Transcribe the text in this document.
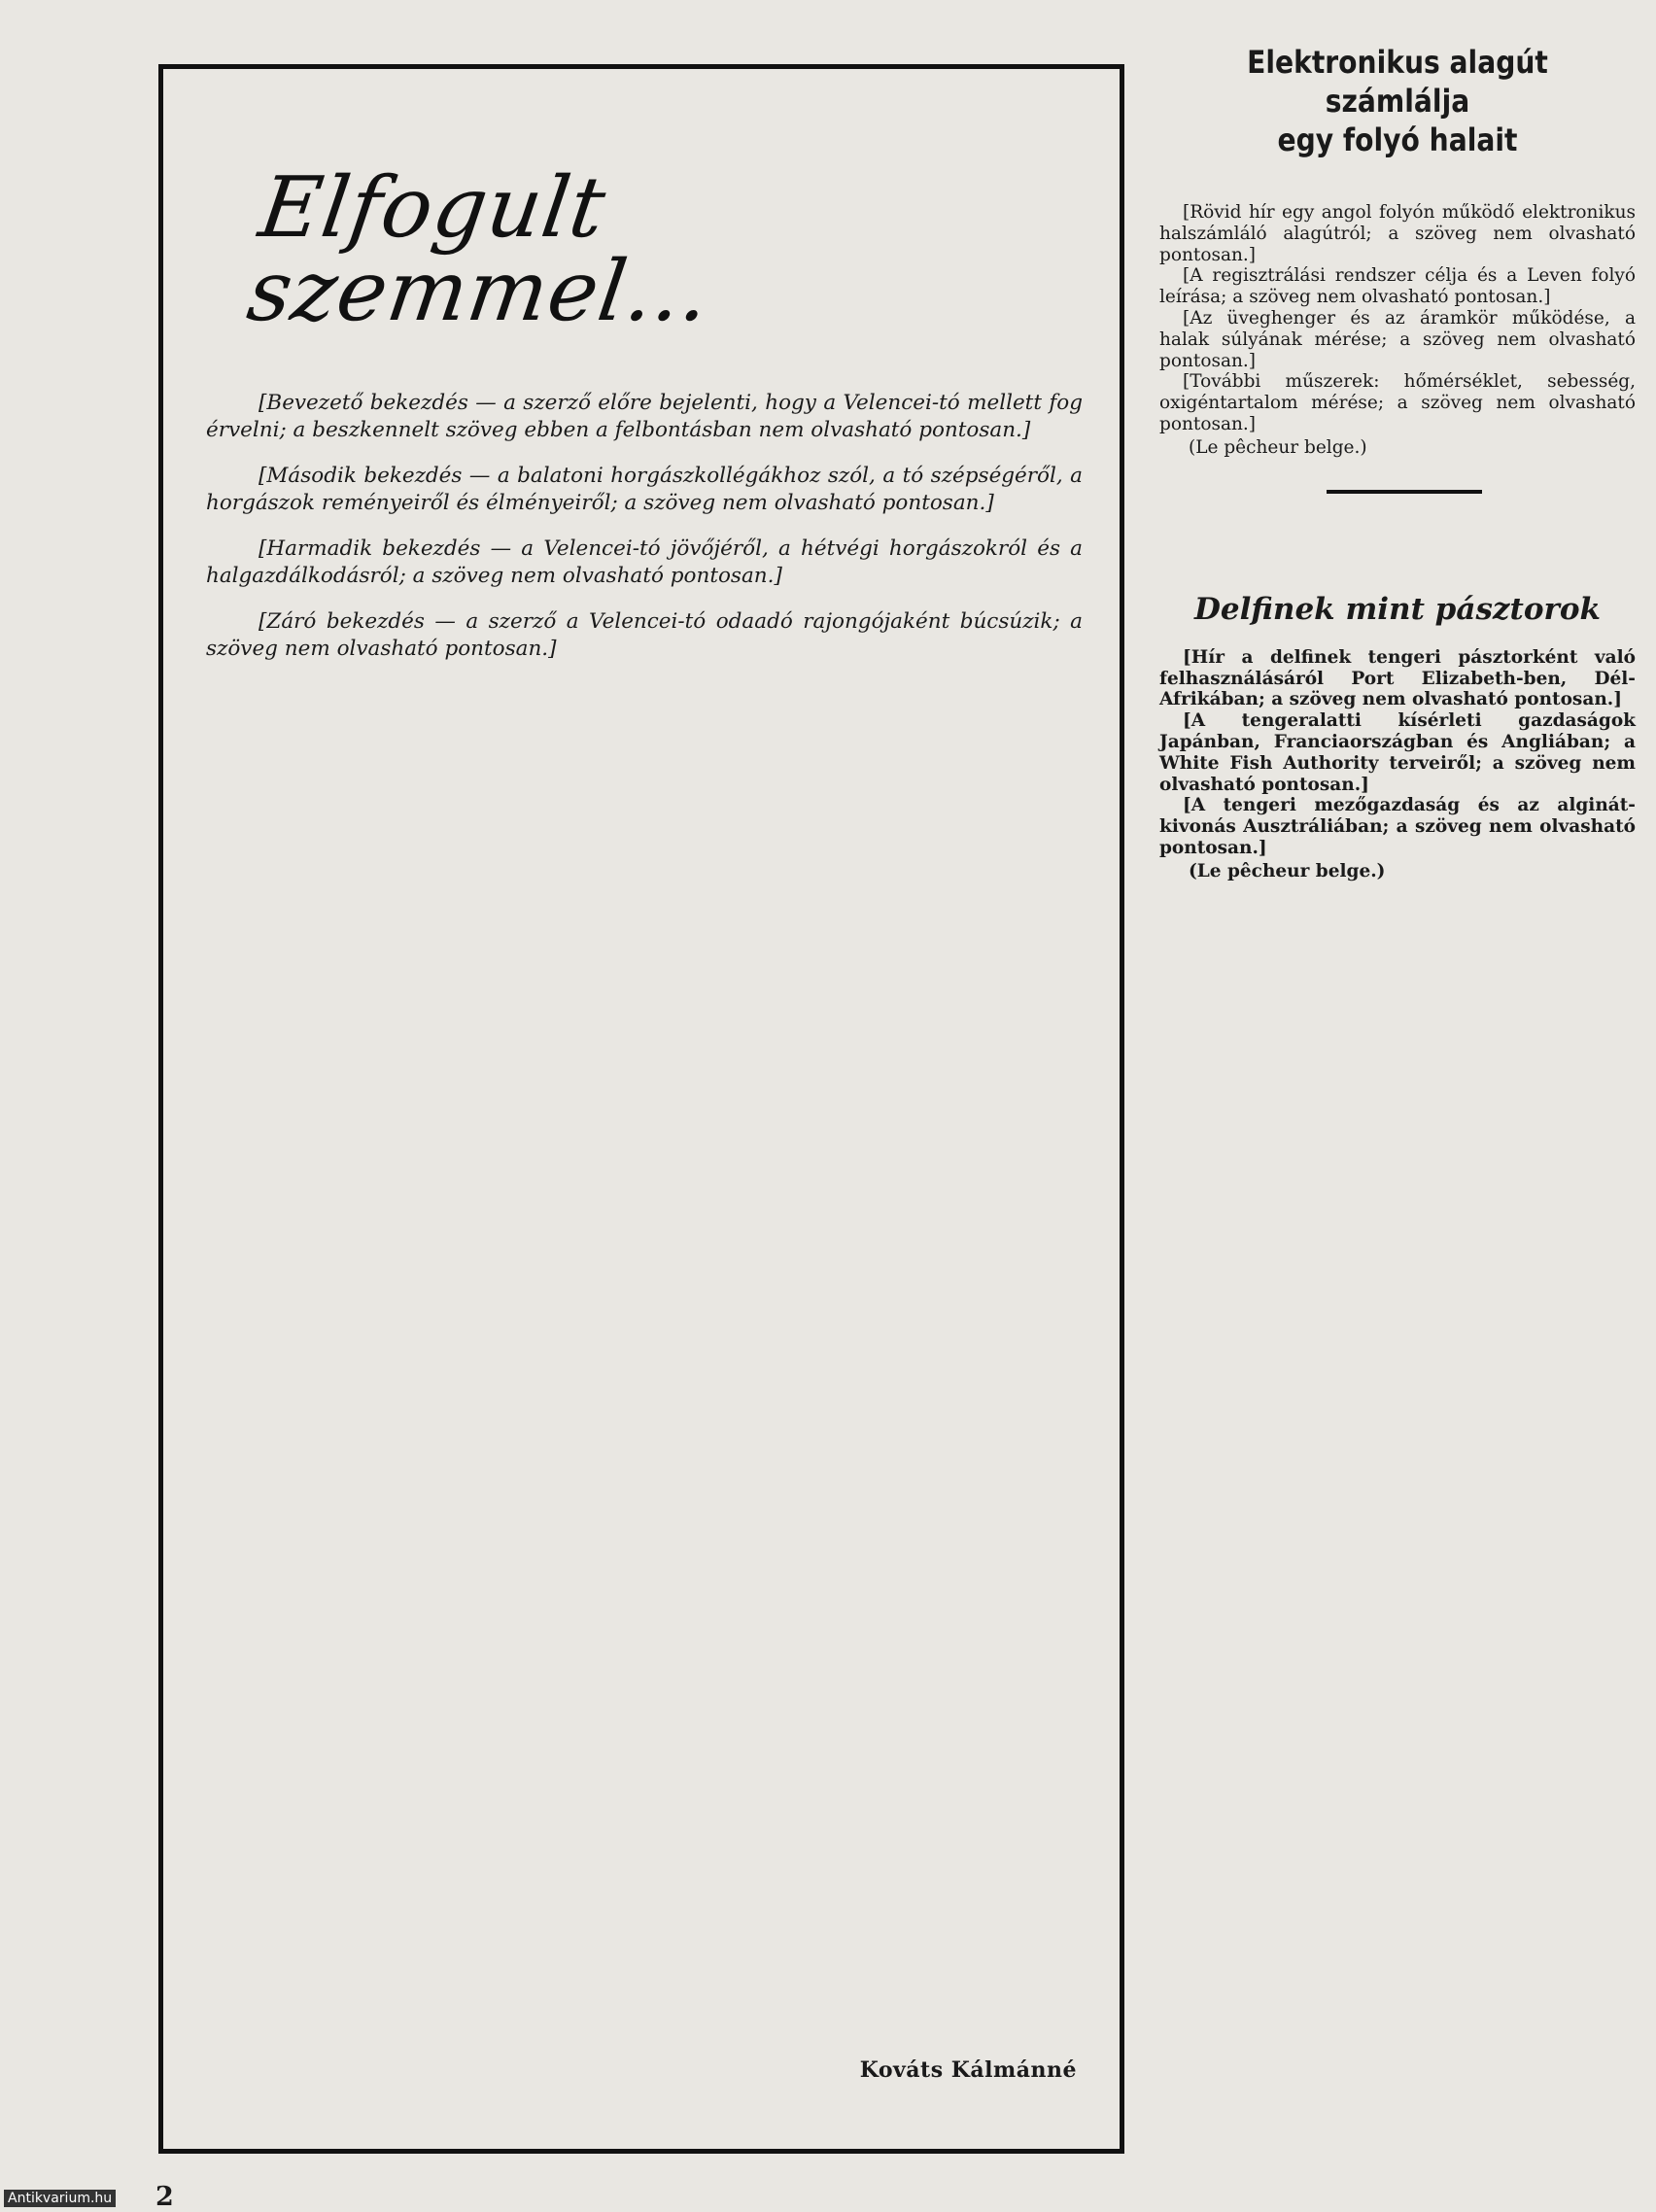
Elfogult szemmel...

[Bevezető bekezdés — a szerző előre bejelenti, hogy a Velencei-tó mellett fog érvelni; a beszkennelt szöveg ebben a felbontásban nem olvasható pontosan.]

[Második bekezdés — a balatoni horgászkollégákhoz szól, a tó szépségéről, a horgászok reményeiről és élményeiről; a szöveg nem olvasható pontosan.]

[Harmadik bekezdés — a Velencei-tó jövőjéről, a hétvégi horgászokról és a halgazdálkodásról; a szöveg nem olvasható pontosan.]

[Záró bekezdés — a szerző a Velencei-tó odaadó rajongójaként búcsúzik; a szöveg nem olvasható pontosan.]

Kováts Kálmánné
Elektronikus alagút számlálja
egy folyó halait

[Rövid hír egy angol folyón működő elektronikus halszámláló alagútról; a szöveg nem olvasható pontosan.]

[A regisztrálási rendszer célja és a Leven folyó leírása; a szöveg nem olvasható pontosan.]

[Az üveghenger és az áramkör működése, a halak súlyának mérése; a szöveg nem olvasható pontosan.]

[További műszerek: hőmérséklet, sebesség, oxigéntartalom mérése; a szöveg nem olvasható pontosan.]

(Le pêcheur belge.)
Delfinek mint pásztorok

[Hír a delfinek tengeri pásztorként való felhasználásáról Port Elizabeth-ben, Dél-Afrikában; a szöveg nem olvasható pontosan.]

[A tengeralatti kísérleti gazdaságok Japánban, Franciaországban és Angliában; a White Fish Authority terveiről; a szöveg nem olvasható pontosan.]

[A tengeri mezőgazdaság és az alginát-kivonás Ausztráliában; a szöveg nem olvasható pontosan.]

(Le pêcheur belge.)
Antikvarium.hu 2
